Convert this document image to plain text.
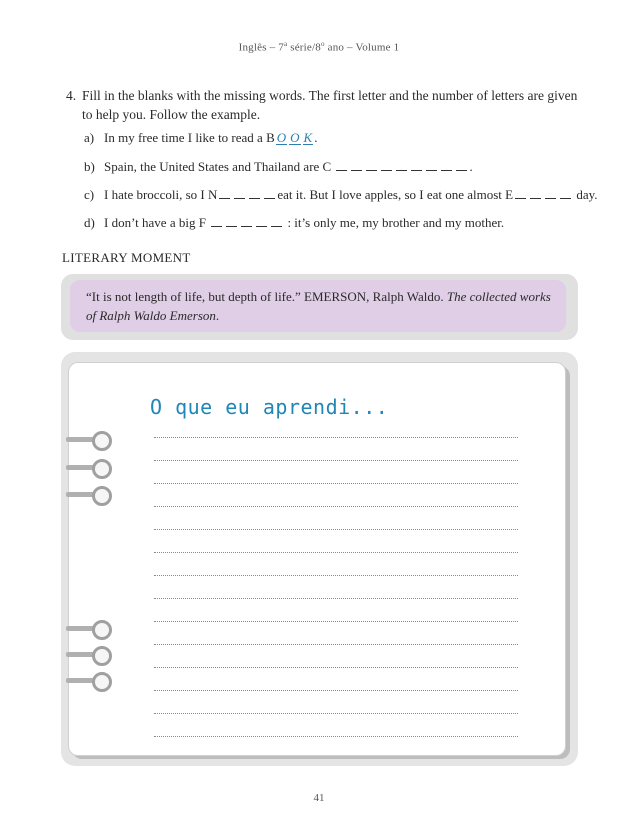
Inglês – 7$^a$ série/8$^o$ ano – Volume 1
4. Fill in the blanks with the missing words. The first letter and the number of letters are given to help you. Follow the example.
a) In my free time I like to read a B O O K .
b) Spain, the United States and Thailand are C	.
c) I hate broccoli, so I N	eat it. But I love apples, so I eat one almost E	day.
d) I don’t have a big F	: it’s only me, my brother and my mother.
LITERARY MOMENT
“It is not length of life, but depth of life.” EMERSON, Ralph Waldo. The collected works of Ralph Waldo Emerson.
O que eu aprendi...
41
